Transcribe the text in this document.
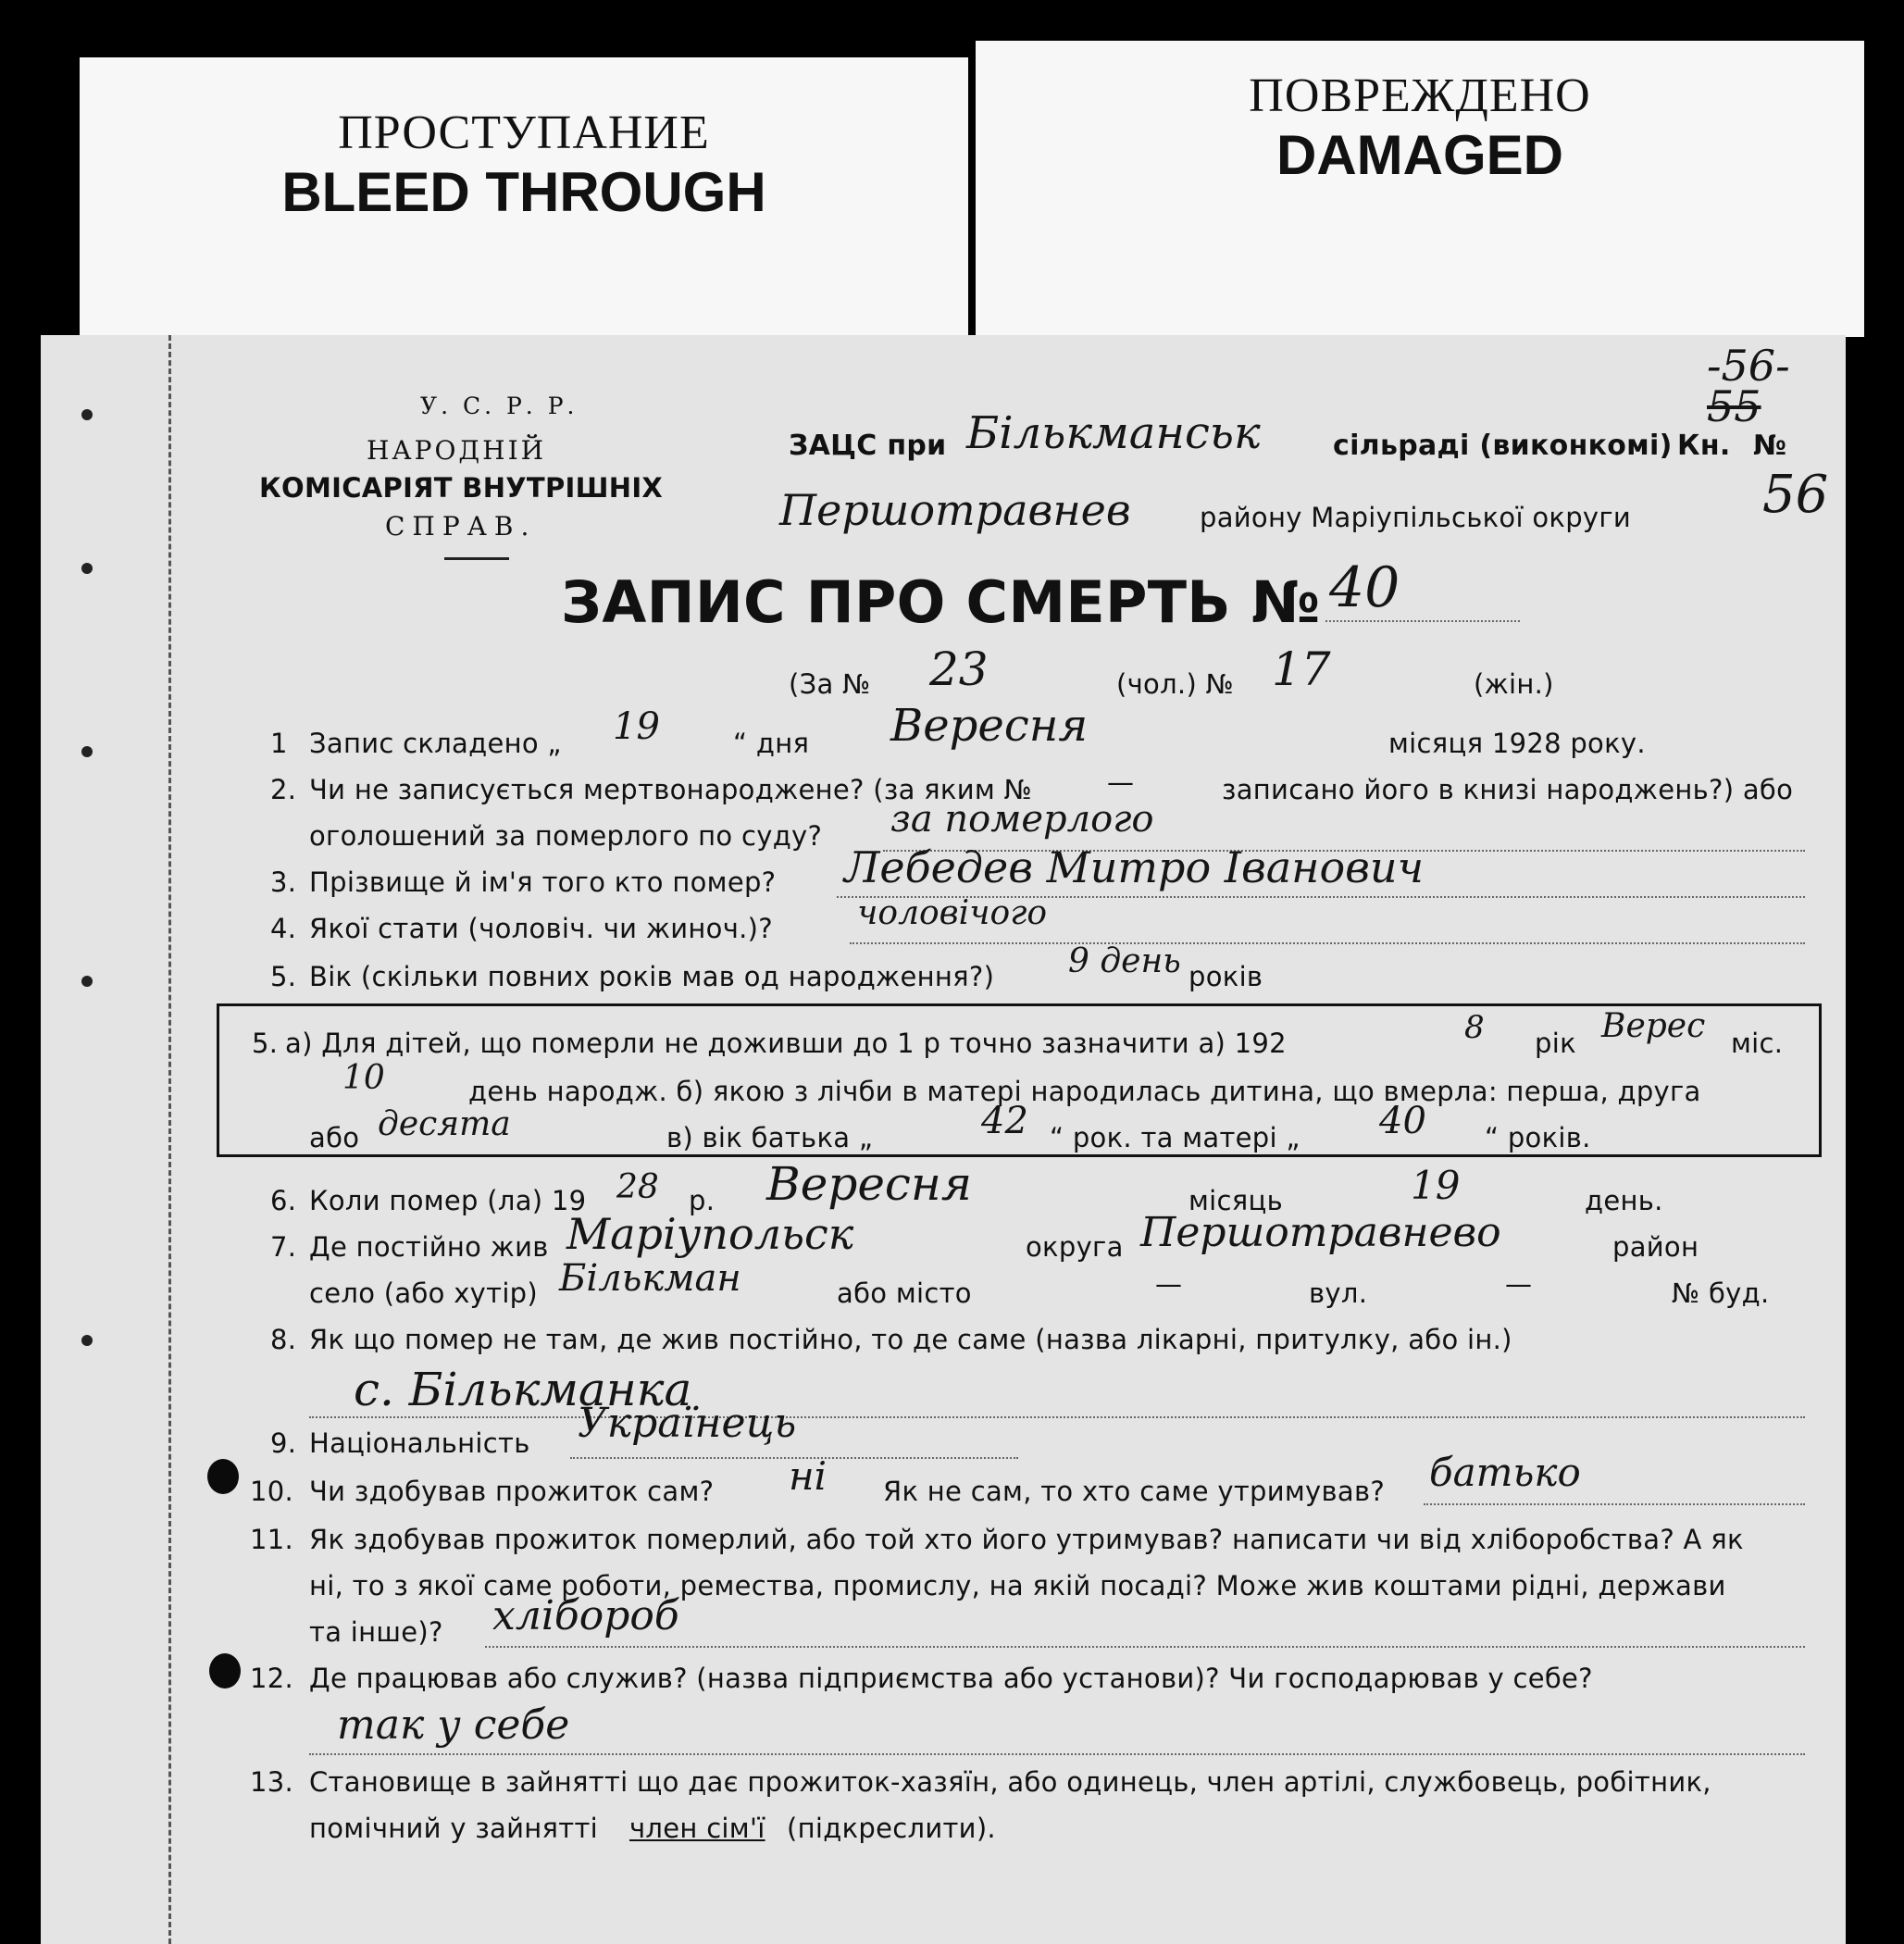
ПРОСТУПАНИЕ
BLEED THROUGH
ПОВРЕЖДЕНО
DAMAGED
У. С. Р. Р.
НАРОДНІЙ
КОМІСАРІЯТ ВНУТРІШНІХ
СПРАВ.
ЗАЦС при Бількманськ	сільраді (виконкомі) Кн. №
-56-
55
56
Першотравнев	району Маріупільської округи
ЗАПИС ПРО СМЕРТЬ № 40
(За № 23	(чол.) № 17	(жін.)
1 Запис складено „ 19	“ дня Вересня	місяця 1928 року.
2. Чи не записується мертвонароджене? (за яким №	—	записано його в книзі народжень?) або
оголошений за померлого по суду? за померлого
3. Прізвище й ім'я того кто помер? Лебедев Митро Іванович
4. Якої стати (чоловіч. чи жиноч.)?	чоловічого
5. Вік (скільки повних років мав од народження?) 9 день років
5. а) Для дітей, що померли не доживши до 1 р точно зазначити а) 192	8 рік Верес міс.
10	день народж. б) якою з лічби в матері народилась дитина, що вмерла: перша, друга
або десята	в) вік батька „	42 “ рок. та матері „ 40 “ років.
6. Коли помер (ла) 19 28 р. Вересня	місяць	19	день.
7. Де постійно жив Маріупольск	округа Першотравнево	район
село (або хутір) Бількман	або місто	—	вул.	—	№ буд.
8. Як що помер не там, де жив постійно, то де саме (назва лікарні, притулку, або ін.)
с. Бількманка
9. Національність Українець
10. Чи здобував прожиток сам? ні Як не сам, то хто саме утримував? батько
11. Як здобував прожиток померлий, або той хто його утримував? написати чи від хліборобства? А як
ні, то з якої саме роботи, ремества, промислу, на якій посаді? Може жив коштами рідні, держави
та інше)? хлібороб
12. Де працював або служив? (назва підприємства або установи)? Чи господарював у себе?
так у себе
13. Становище в зайнятті що дає прожиток-хазяїн, або одинець, член артілі, службовець, робітник,
помічний у зайнятті член сім'ї (підкреслити).
